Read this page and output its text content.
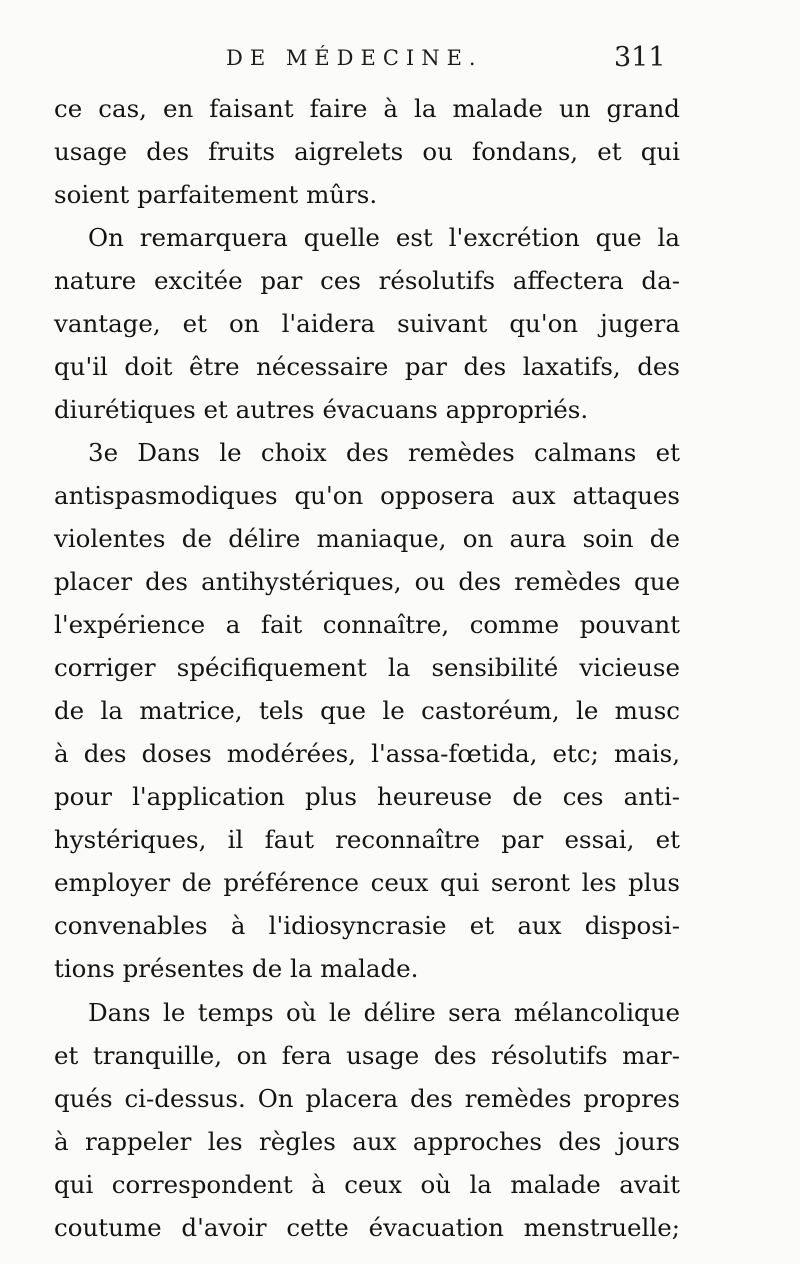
DE MÉDECINE.	311
ce cas, en faisant faire à la malade un grand
usage des fruits aigrelets ou fondans, et qui
soient parfaitement mûrs.
On remarquera quelle est l'excrétion que la
nature excitée par ces résolutifs affectera da-
vantage, et on l'aidera suivant qu'on jugera
qu'il doit être nécessaire par des laxatifs, des
diurétiques et autres évacuans appropriés.
3e Dans le choix des remèdes calmans et
antispasmodiques qu'on opposera aux attaques
violentes de délire maniaque, on aura soin de
placer des antihystériques, ou des remèdes que
l'expérience a fait connaître, comme pouvant
corriger spécifiquement la sensibilité vicieuse
de la matrice, tels que le castoréum, le musc
à des doses modérées, l'assa-fœtida, etc; mais,
pour l'application plus heureuse de ces anti-
hystériques, il faut reconnaître par essai, et
employer de préférence ceux qui seront les plus
convenables à l'idiosyncrasie et aux disposi-
tions présentes de la malade.
Dans le temps où le délire sera mélancolique
et tranquille, on fera usage des résolutifs mar-
qués ci-dessus. On placera des remèdes propres
à rappeler les règles aux approches des jours
qui correspondent à ceux où la malade avait
coutume d'avoir cette évacuation menstruelle;
